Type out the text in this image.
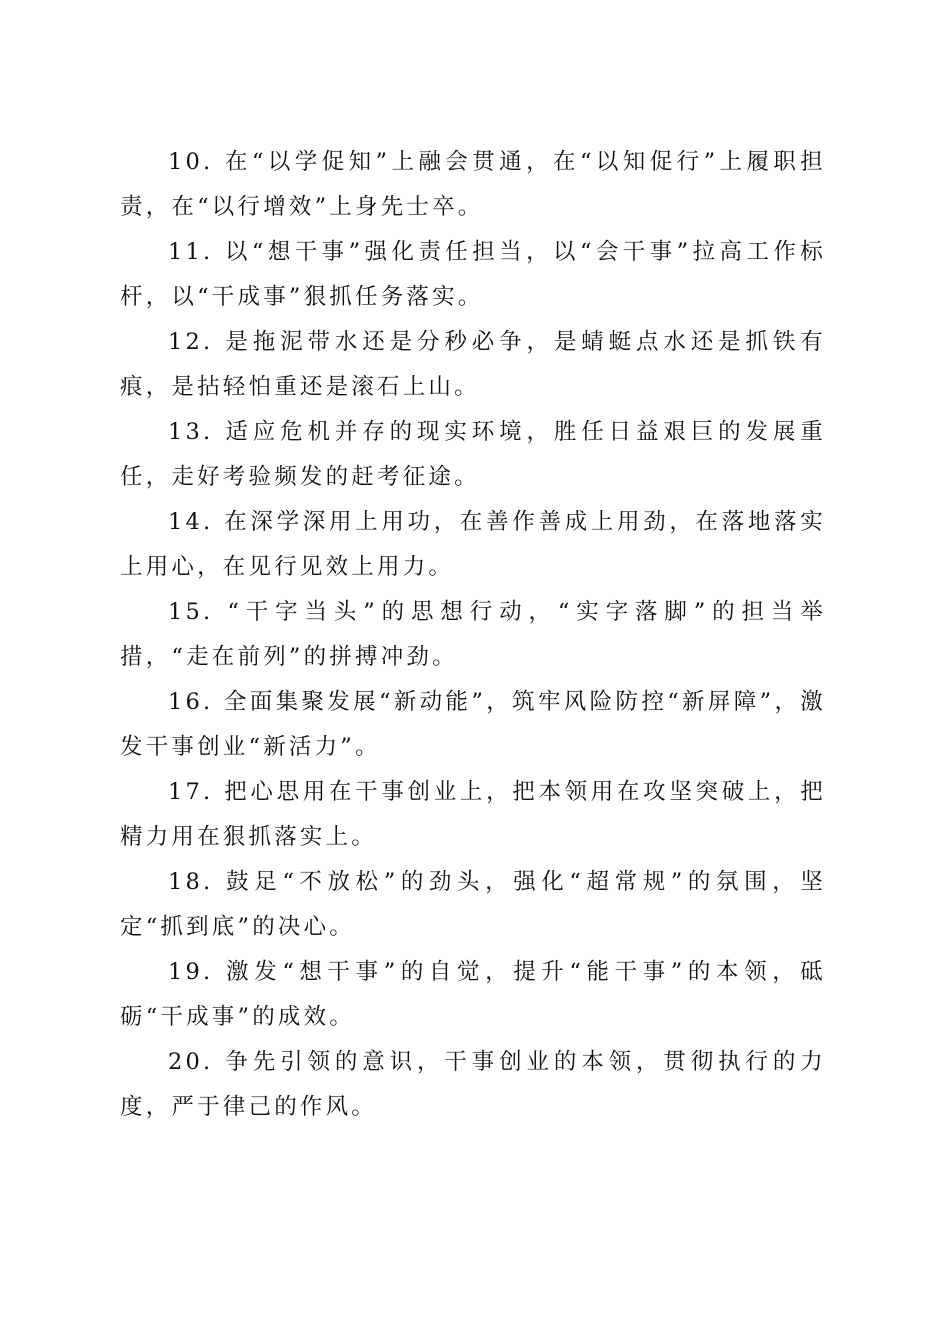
10. 在“以学促知”上融会贯通，在“以知促行”上履职担责，在“以行增效”上身先士卒。

11. 以“想干事”强化责任担当，以“会干事”拉高工作标杆，以“干成事”狠抓任务落实。

12. 是拖泥带水还是分秒必争，是蜻蜓点水还是抓铁有痕，是拈轻怕重还是滚石上山。

13. 适应危机并存的现实环境，胜任日益艰巨的发展重任，走好考验频发的赶考征途。

14. 在深学深用上用功，在善作善成上用劲，在落地落实上用心，在见行见效上用力。

15. “干字当头”的思想行动，“实字落脚”的担当举措，“走在前列”的拼搏冲劲。

16. 全面集聚发展“新动能”，筑牢风险防控“新屏障”，激发干事创业“新活力”。

17. 把心思用在干事创业上，把本领用在攻坚突破上，把精力用在狠抓落实上。

18. 鼓足“不放松”的劲头，强化“超常规”的氛围，坚定“抓到底”的决心。

19. 激发“想干事”的自觉，提升“能干事”的本领，砥砺“干成事”的成效。

20. 争先引领的意识，干事创业的本领，贯彻执行的力度，严于律己的作风。
